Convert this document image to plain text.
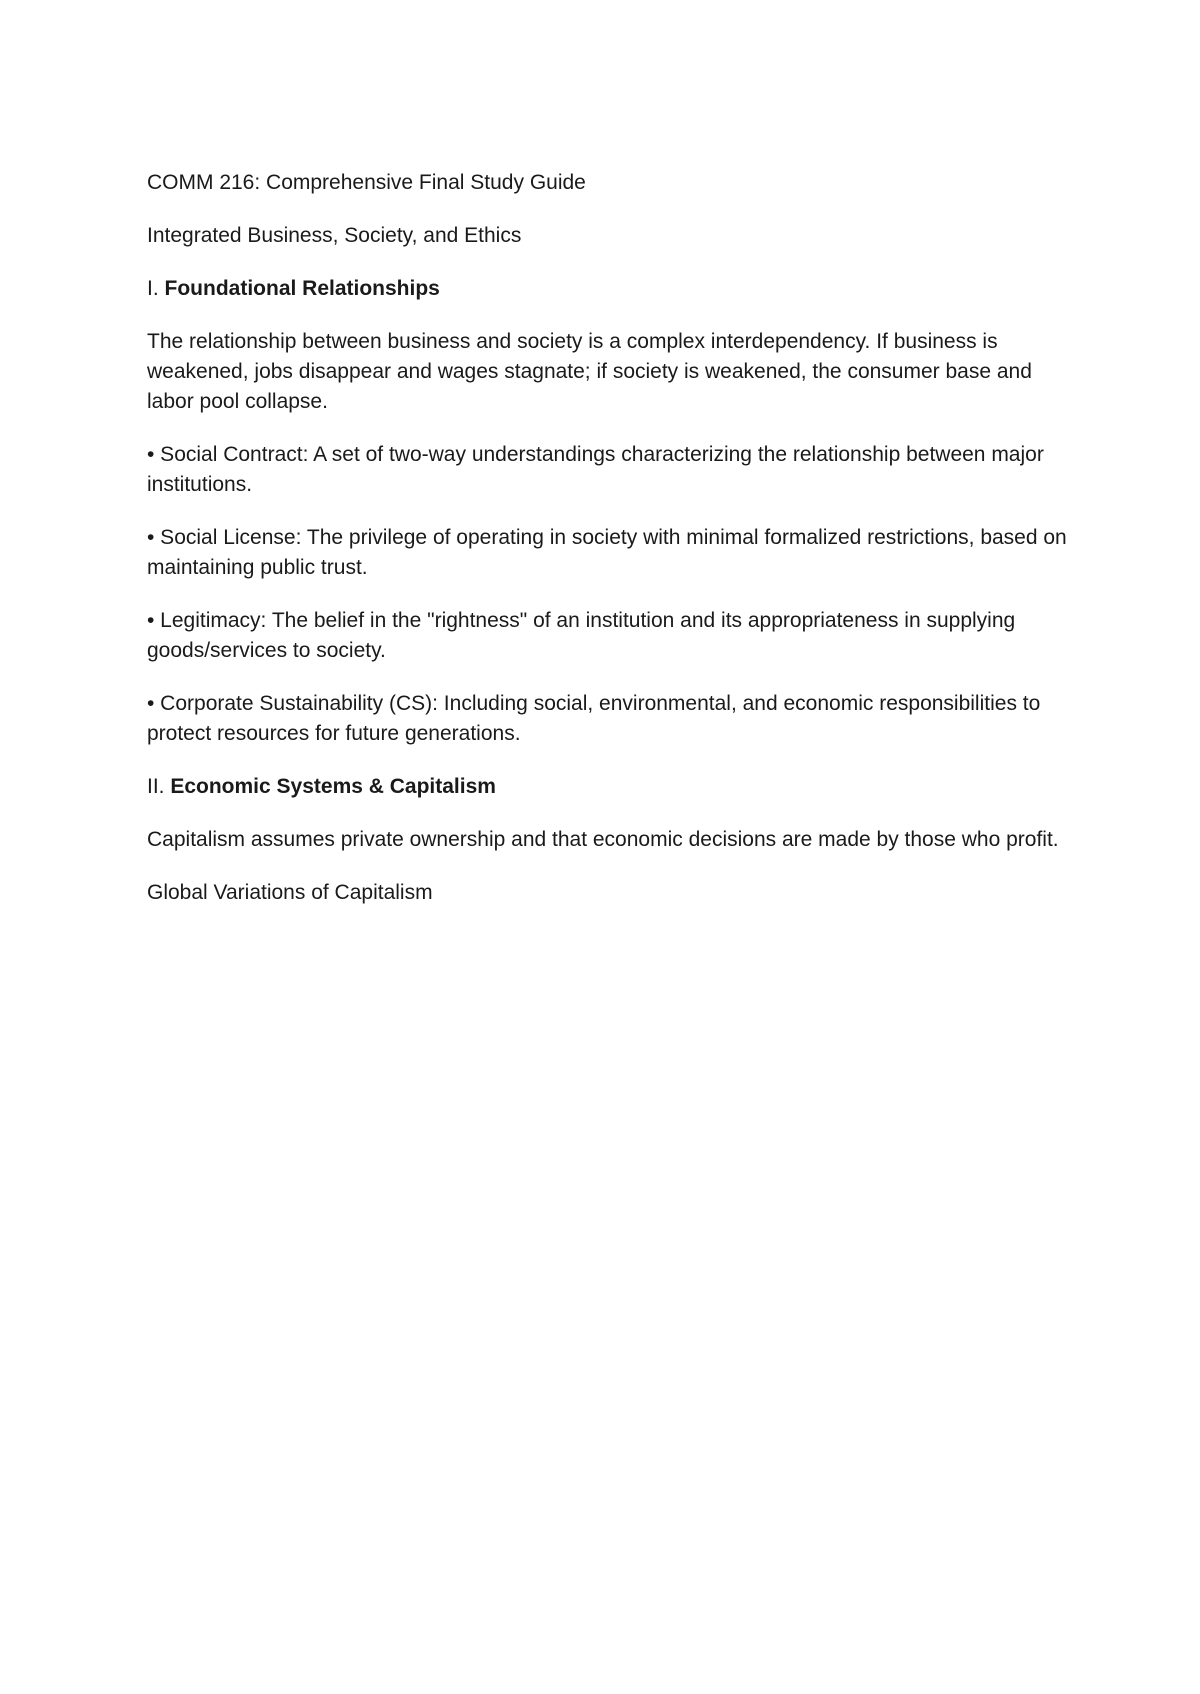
COMM 216: Comprehensive Final Study Guide

Integrated Business, Society, and Ethics

I. Foundational Relationships

The relationship between business and society is a complex interdependency. If business is weakened, jobs disappear and wages stagnate; if society is weakened, the consumer base and labor pool collapse.

• Social Contract: A set of two-way understandings characterizing the relationship between major institutions.

• Social License: The privilege of operating in society with minimal formalized restrictions, based on maintaining public trust.

• Legitimacy: The belief in the "rightness" of an institution and its appropriateness in supplying goods/services to society.

• Corporate Sustainability (CS): Including social, environmental, and economic responsibilities to protect resources for future generations.

II. Economic Systems & Capitalism

Capitalism assumes private ownership and that economic decisions are made by those who profit.

Global Variations of Capitalism
